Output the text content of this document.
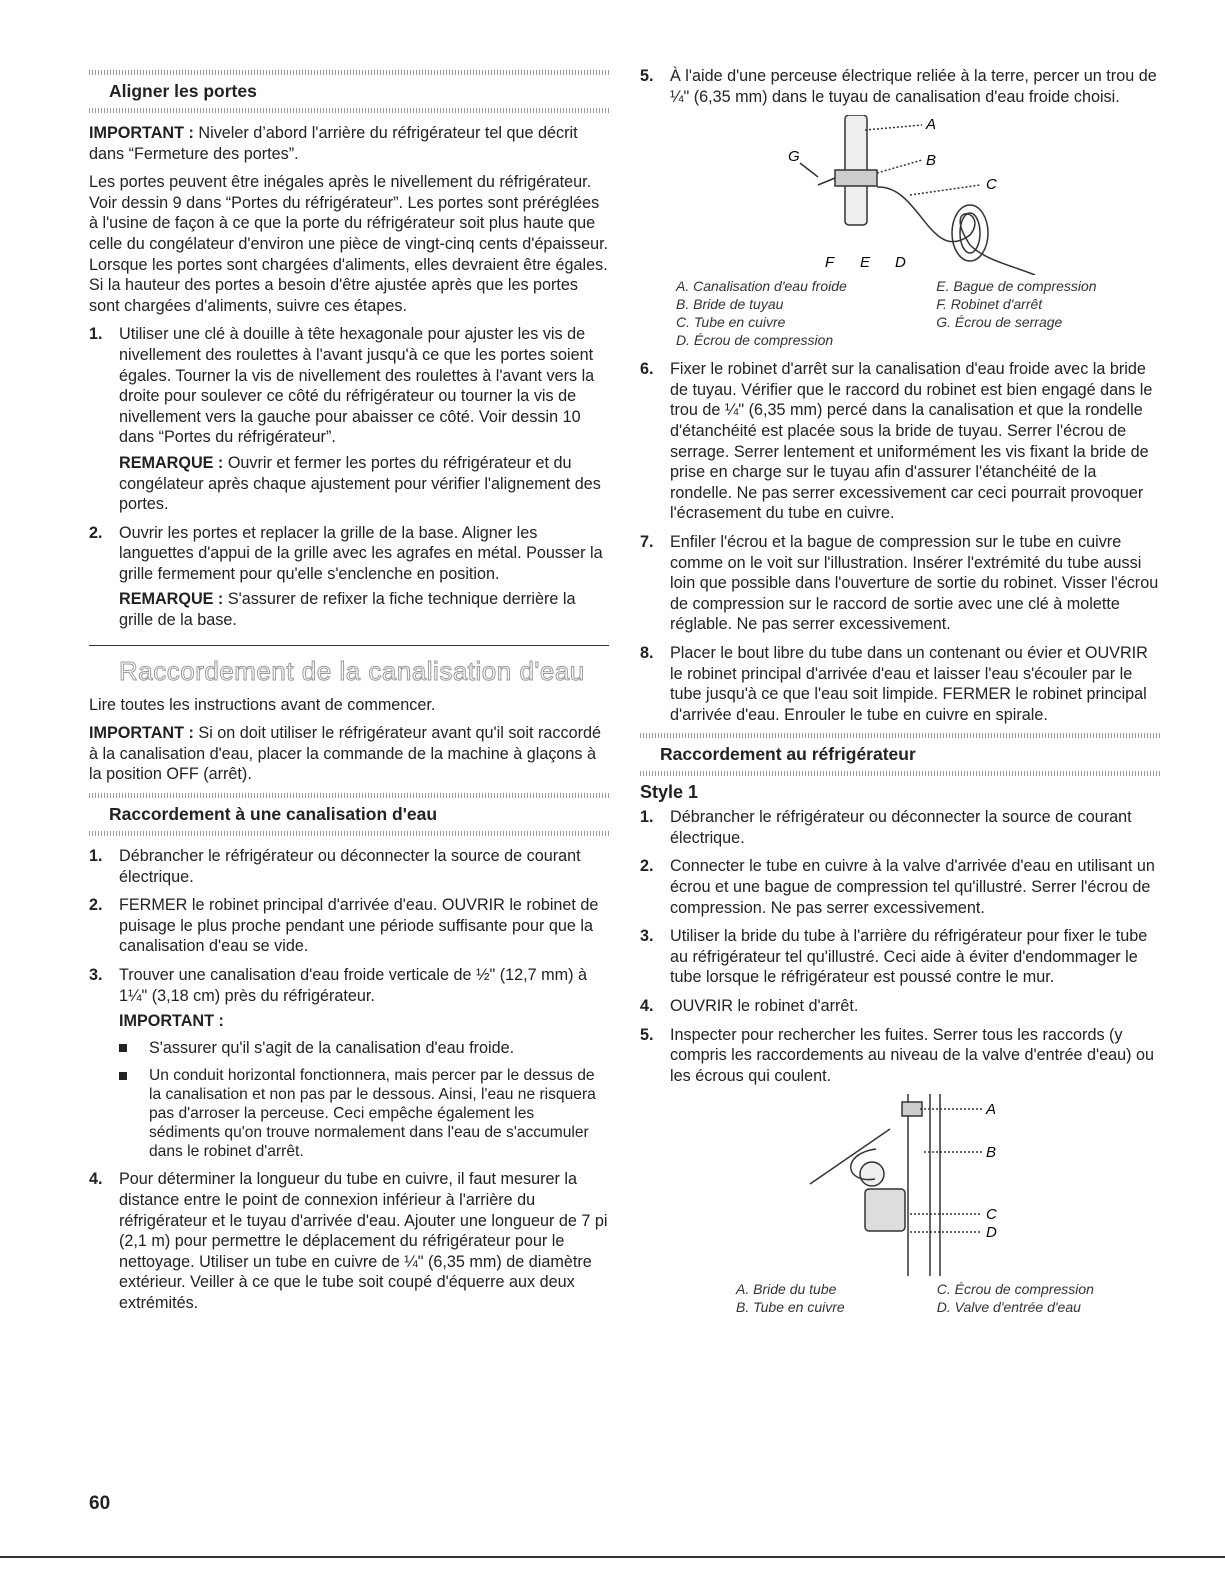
Aligner les portes

IMPORTANT : Niveler d’abord l'arrière du réfrigérateur tel que décrit dans “Fermeture des portes”.

Les portes peuvent être inégales après le nivellement du réfrigérateur. Voir dessin 9 dans “Portes du réfrigérateur”. Les portes sont préréglées à l'usine de façon à ce que la porte du réfrigérateur soit plus haute que celle du congélateur d'environ une pièce de vingt-cinq cents d'épaisseur. Lorsque les portes sont chargées d'aliments, elles devraient être égales. Si la hauteur des portes a besoin d'être ajustée après que les portes sont chargées d'aliments, suivre ces étapes.

1. Utiliser une clé à douille à tête hexagonale pour ajuster les vis de nivellement des roulettes à l'avant jusqu'à ce que les portes soient égales. Tourner la vis de nivellement des roulettes à l'avant vers la droite pour soulever ce côté du réfrigérateur ou tourner la vis de nivellement vers la gauche pour abaisser ce côté. Voir dessin 10 dans “Portes du réfrigérateur”.

REMARQUE : Ouvrir et fermer les portes du réfrigérateur et du congélateur après chaque ajustement pour vérifier l'alignement des portes.

2. Ouvrir les portes et replacer la grille de la base. Aligner les languettes d'appui de la grille avec les agrafes en métal. Pousser la grille fermement pour qu'elle s'enclenche en position.

REMARQUE : S'assurer de refixer la fiche technique derrière la grille de la base.

Raccordement de la canalisation d'eau

Lire toutes les instructions avant de commencer.

IMPORTANT : Si on doit utiliser le réfrigérateur avant qu'il soit raccordé à la canalisation d'eau, placer la commande de la machine à glaçons à la position OFF (arrêt).

Raccordement à une canalisation d'eau
1. Débrancher le réfrigérateur ou déconnecter la source de courant électrique.
2. FERMER le robinet principal d'arrivée d'eau. OUVRIR le robinet de puisage le plus proche pendant une période suffisante pour que la canalisation d'eau se vide.
3. Trouver une canalisation d'eau froide verticale de ½" (12,7 mm) à 1¼" (3,18 cm) près du réfrigérateur.

IMPORTANT :

S'assurer qu'il s'agit de la canalisation d'eau froide.
Un conduit horizontal fonctionnera, mais percer par le dessus de la canalisation et non pas par le dessous. Ainsi, l'eau ne risquera pas d'arroser la perceuse. Ceci empêche également les sédiments qu'on trouve normalement dans l'eau de s'accumuler dans le robinet d'arrêt.
4. Pour déterminer la longueur du tube en cuivre, il faut mesurer la distance entre le point de connexion inférieur à l'arrière du réfrigérateur et le tuyau d'arrivée d'eau. Ajouter une longueur de 7 pi (2,1 m) pour permettre le déplacement du réfrigérateur pour le nettoyage. Utiliser un tube en cuivre de ¼" (6,35 mm) de diamètre extérieur. Veiller à ce que le tube soit coupé d'équerre aux deux extrémités.
5. À l'aide d'une perceuse électrique reliée à la terre, percer un trou de ¼" (6,35 mm) dans le tuyau de canalisation d'eau froide choisi.
A
B
C
D
E
F
G
A. Canalisation d'eau froide	E. Bague de compression
B. Bride de tuyau	F. Robinet d'arrêt
C. Tube en cuivre	G. Écrou de serrage
D. Écrou de compression
6. Fixer le robinet d'arrêt sur la canalisation d'eau froide avec la bride de tuyau. Vérifier que le raccord du robinet est bien engagé dans le trou de ¼" (6,35 mm) percé dans la canalisation et que la rondelle d'étanchéité est placée sous la bride de tuyau. Serrer l'écrou de serrage. Serrer lentement et uniformément les vis fixant la bride de prise en charge sur le tuyau afin d'assurer l'étanchéité de la rondelle. Ne pas serrer excessivement car ceci pourrait provoquer l'écrasement du tube en cuivre.
7. Enfiler l'écrou et la bague de compression sur le tube en cuivre comme on le voit sur l'illustration. Insérer l'extrémité du tube aussi loin que possible dans l'ouverture de sortie du robinet. Visser l'écrou de compression sur le raccord de sortie avec une clé à molette réglable. Ne pas serrer excessivement.
8. Placer le bout libre du tube dans un contenant ou évier et OUVRIR le robinet principal d'arrivée d'eau et laisser l'eau s'écouler par le tube jusqu'à ce que l'eau soit limpide. FERMER le robinet principal d'arrivée d'eau. Enrouler le tube en cuivre en spirale.
Raccordement au réfrigérateur
Style 1
1. Débrancher le réfrigérateur ou déconnecter la source de courant électrique.
2. Connecter le tube en cuivre à la valve d'arrivée d'eau en utilisant un écrou et une bague de compression tel qu'illustré. Serrer l'écrou de compression. Ne pas serrer excessivement.
3. Utiliser la bride du tube à l'arrière du réfrigérateur pour fixer le tube au réfrigérateur tel qu'illustré. Ceci aide à éviter d'endommager le tube lorsque le réfrigérateur est poussé contre le mur.
4. OUVRIR le robinet d'arrêt.
5. Inspecter pour rechercher les fuites. Serrer tous les raccords (y compris les raccordements au niveau de la valve d'entrée d'eau) ou les écrous qui coulent.
A
B
C
D
A. Bride du tube	C. Écrou de compression
B. Tube en cuivre	D. Valve d'entrée d'eau
60
